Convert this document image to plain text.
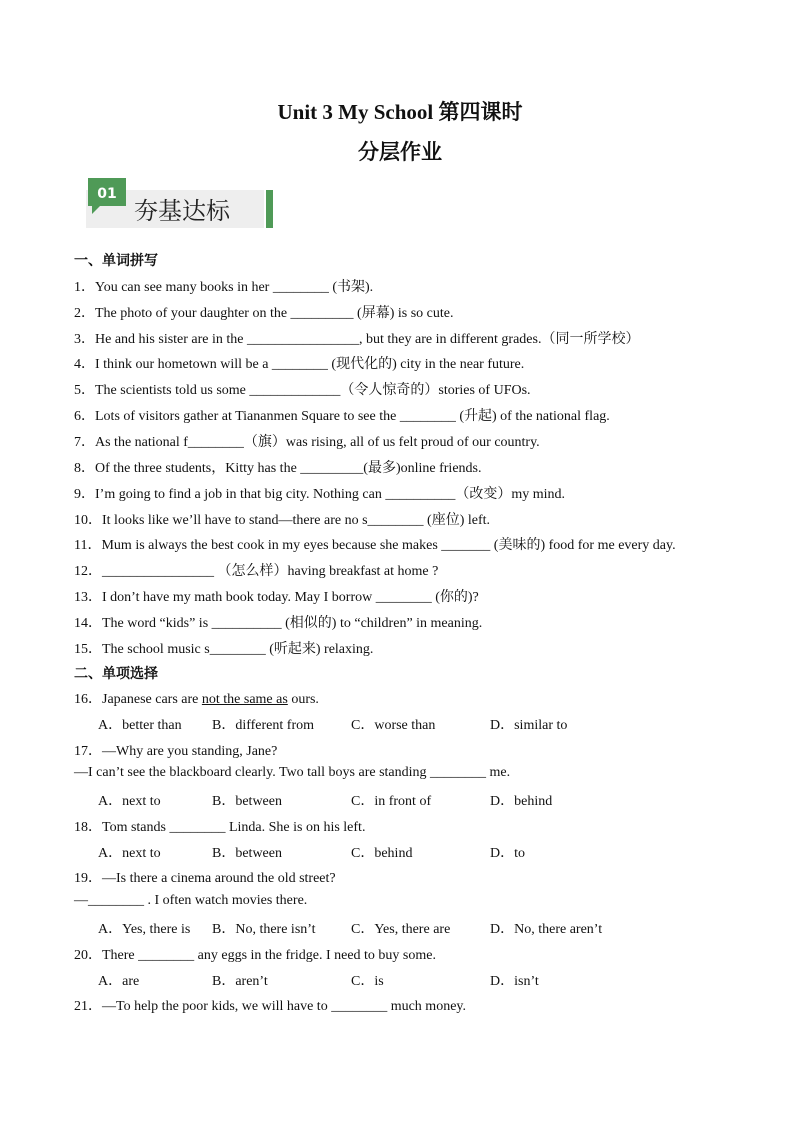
Unit 3 My School 第四课时
分层作业
01
夯基达标
一、单词拼写
1．You can see many books in her ________ (书架).
2．The photo of your daughter on the _________ (屏幕) is so cute.
3．He and his sister are in the ________________, but they are in different grades.（同一所学校）
4．I think our hometown will be a ________ (现代化的) city in the near future.
5．The scientists told us some _____________（令人惊奇的）stories of UFOs.
6．Lots of visitors gather at Tiananmen Square to see the ________ (升起) of the national flag.
7．As the national f________（旗）was rising, all of us felt proud of our country.
8．Of the three students，Kitty has the _________(最多)online friends.
9．I’m going to find a job in that big city. Nothing can __________（改变）my mind.
10．It looks like we’ll have to stand—there are no s________ (座位) left.
11．Mum is always the best cook in my eyes because she makes _______ (美味的) food for me every day.
12．________________ （怎么样）having breakfast at home ?
13．I don’t have my math book today. May I borrow ________ (你的)?
14．The word “kids” is __________ (相似的) to “children” in meaning.
15．The school music s________ (听起来) relaxing.
二、单项选择
16．Japanese cars are not the same as ours.
A．better than B．different from	C．worse than	D．similar to
17．—Why are you standing, Jane?
—I can’t see the blackboard clearly. Two tall boys are standing ________ me.
A．next to	B．between	C．in front of	D．behind
18．Tom stands ________ Linda. She is on his left.
A．next to	B．between	C．behind	D．to
19．—Is there a cinema around the old street?
—________ . I often watch movies there.
A．Yes, there is B．No, there isn’t	C．Yes, there are	D．No, there aren’t
20．There ________ any eggs in the fridge. I need to buy some.
A．are	B．aren’t	C．is	D．isn’t
21．—To help the poor kids, we will have to ________ much money.
